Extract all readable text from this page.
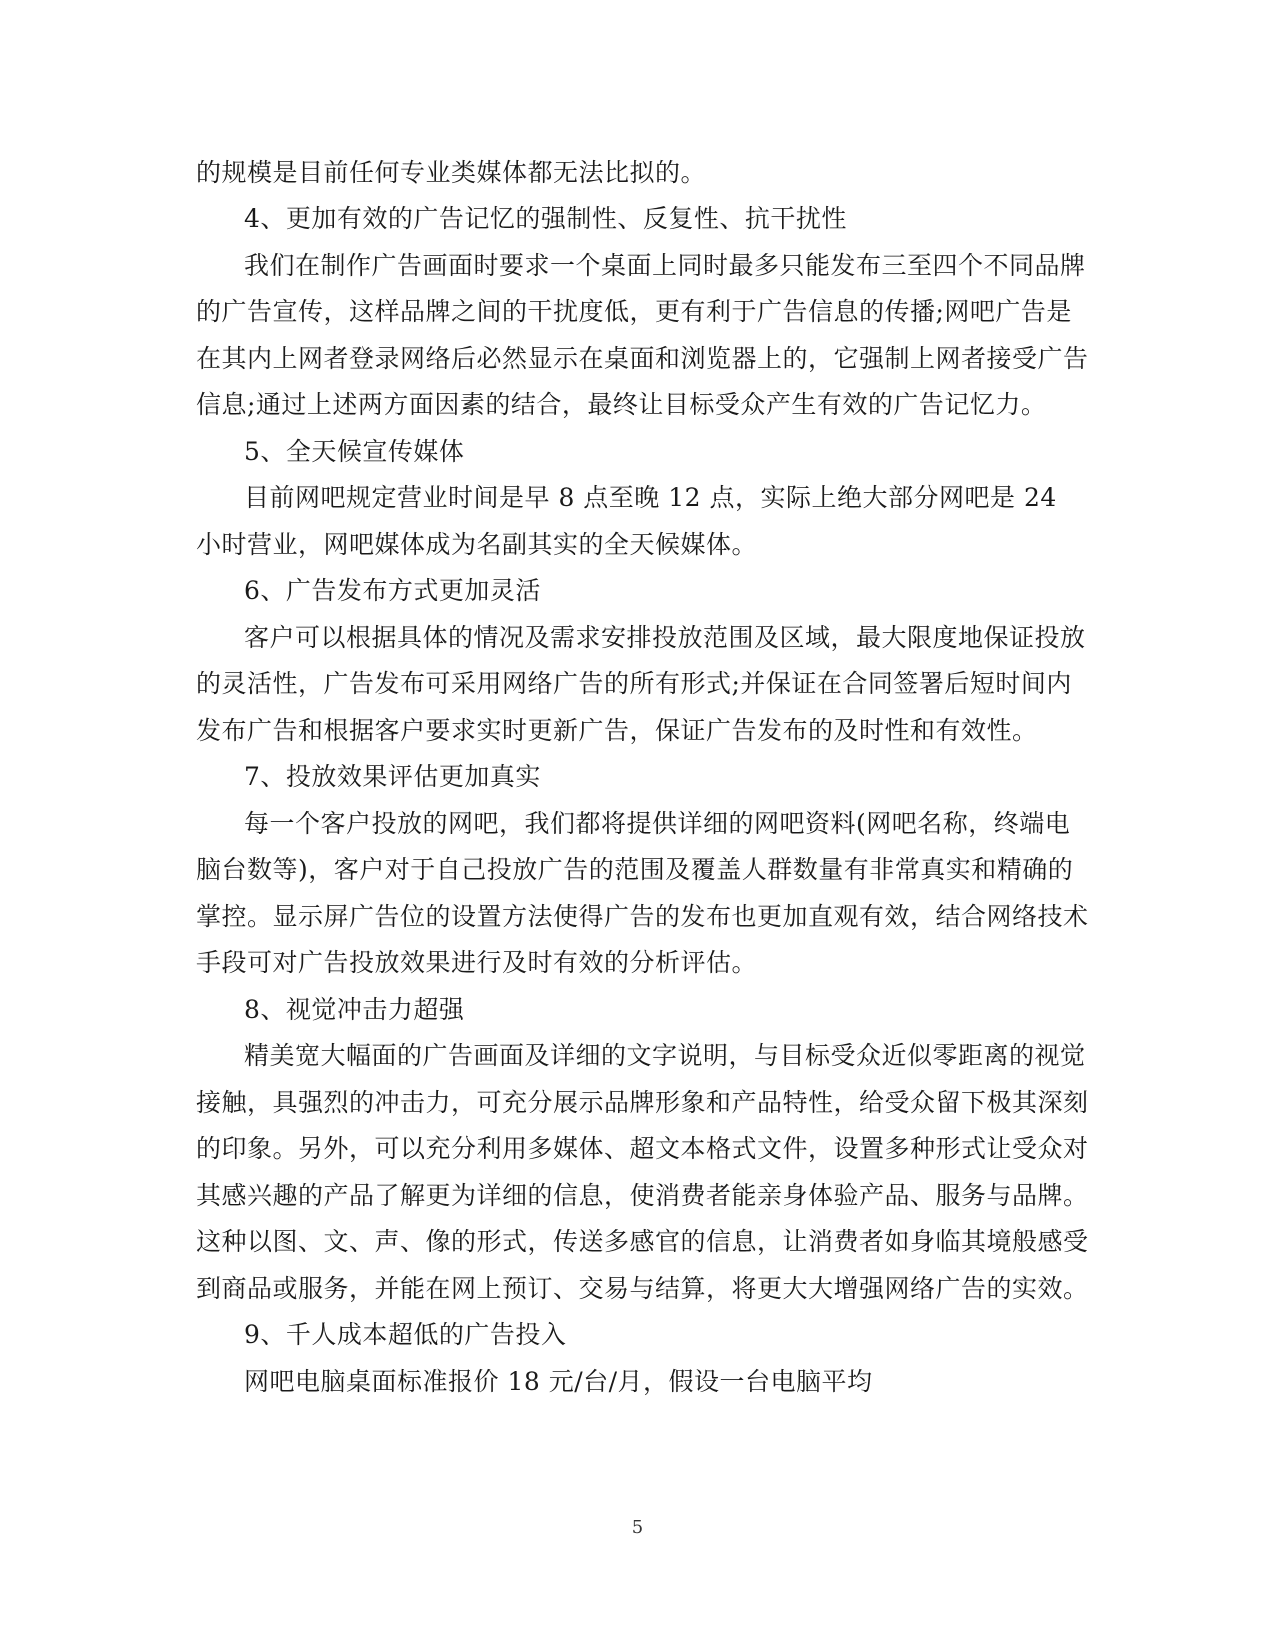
的规模是目前任何专业类媒体都无法比拟的。
4、更加有效的广告记忆的强制性、反复性、抗干扰性
我们在制作广告画面时要求一个桌面上同时最多只能发布三至四个不同品牌
的广告宣传，这样品牌之间的干扰度低，更有利于广告信息的传播;网吧广告是
在其内上网者登录网络后必然显示在桌面和浏览器上的，它强制上网者接受广告
信息;通过上述两方面因素的结合，最终让目标受众产生有效的广告记忆力。
5、全天候宣传媒体
目前网吧规定营业时间是早 8 点至晚 12 点，实际上绝大部分网吧是 24
小时营业，网吧媒体成为名副其实的全天候媒体。
6、广告发布方式更加灵活
客户可以根据具体的情况及需求安排投放范围及区域，最大限度地保证投放
的灵活性，广告发布可采用网络广告的所有形式;并保证在合同签署后短时间内
发布广告和根据客户要求实时更新广告，保证广告发布的及时性和有效性。
7、投放效果评估更加真实
每一个客户投放的网吧，我们都将提供详细的网吧资料(网吧名称，终端电
脑台数等)，客户对于自己投放广告的范围及覆盖人群数量有非常真实和精确的
掌控。显示屏广告位的设置方法使得广告的发布也更加直观有效，结合网络技术
手段可对广告投放效果进行及时有效的分析评估。
8、视觉冲击力超强
精美宽大幅面的广告画面及详细的文字说明，与目标受众近似零距离的视觉
接触，具强烈的冲击力，可充分展示品牌形象和产品特性，给受众留下极其深刻
的印象。另外，可以充分利用多媒体、超文本格式文件，设置多种形式让受众对
其感兴趣的产品了解更为详细的信息，使消费者能亲身体验产品、服务与品牌。
这种以图、文、声、像的形式，传送多感官的信息，让消费者如身临其境般感受
到商品或服务，并能在网上预订、交易与结算，将更大大增强网络广告的实效。
9、千人成本超低的广告投入
网吧电脑桌面标准报价 18 元/台/月，假设一台电脑平均
5
